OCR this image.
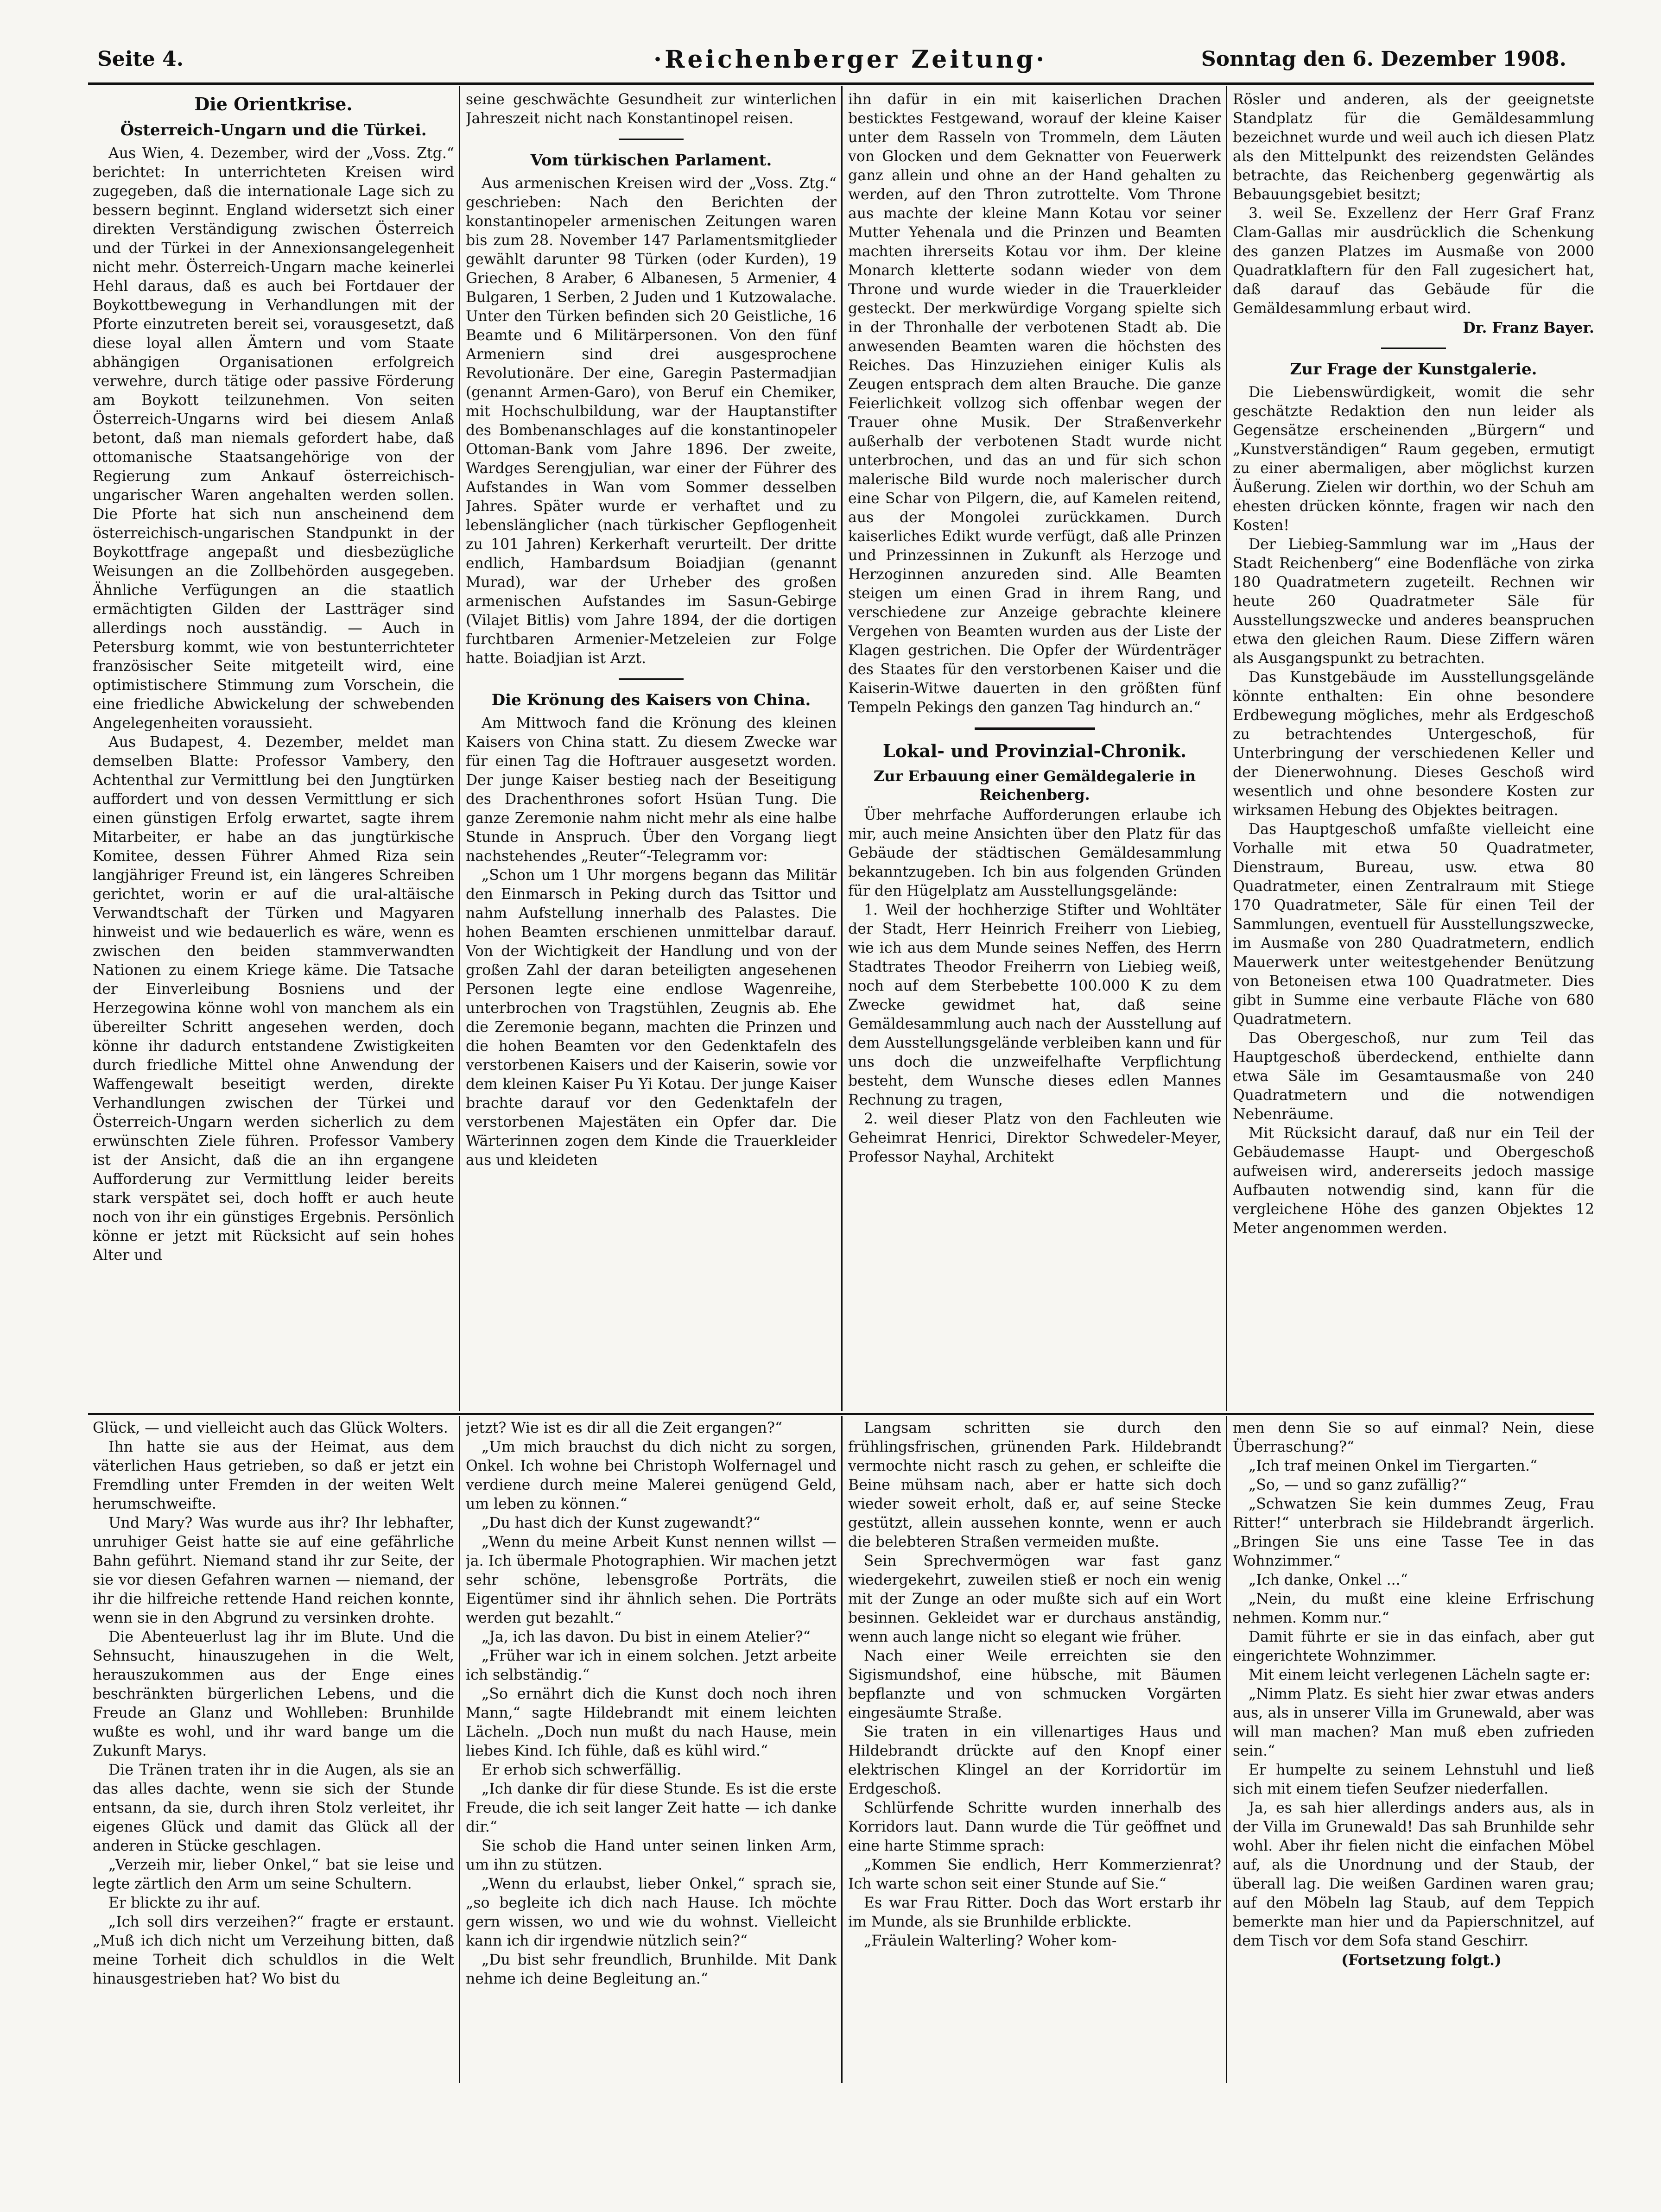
Seite 4.	·Reichenberger Zeitung·	Sonntag den 6. Dezember 1908.
Die Orientkrise.
Österreich-Ungarn und die Türkei.

Aus Wien, 4. Dezember, wird der „Voss. Ztg.“ berichtet: In unterrichteten Kreisen wird zugegeben, daß die internationale Lage sich zu bessern beginnt. England widersetzt sich einer direkten Verständigung zwischen Österreich und der Türkei in der Annexionsangelegenheit nicht mehr. Österreich-Ungarn mache keinerlei Hehl daraus, daß es auch bei Fortdauer der Boykottbewegung in Verhandlungen mit der Pforte einzutreten bereit sei, vorausgesetzt, daß diese loyal allen Ämtern und vom Staate abhängigen Organisationen erfolgreich verwehre, durch tätige oder passive Förderung am Boykott teilzunehmen. Von seiten Österreich-Ungarns wird bei diesem Anlaß betont, daß man niemals gefordert habe, daß ottomanische Staatsangehörige von der Regierung zum Ankauf österreichisch-ungarischer Waren angehalten werden sollen. Die Pforte hat sich nun anscheinend dem österreichisch-ungarischen Standpunkt in der Boykottfrage angepaßt und diesbezügliche Weisungen an die Zollbehörden ausgegeben. Ähnliche Verfügungen an die staatlich ermächtigten Gilden der Lastträger sind allerdings noch ausständig. — Auch in Petersburg kommt, wie von bestunterrichteter französischer Seite mitgeteilt wird, eine optimistischere Stimmung zum Vorschein, die eine friedliche Abwickelung der schwebenden Angelegenheiten voraussieht.

Aus Budapest, 4. Dezember, meldet man demselben Blatte: Professor Vambery, den Achtenthal zur Vermittlung bei den Jungtürken auffordert und von dessen Vermittlung er sich einen günstigen Erfolg erwartet, sagte ihrem Mitarbeiter, er habe an das jungtürkische Komitee, dessen Führer Ahmed Riza sein langjähriger Freund ist, ein längeres Schreiben gerichtet, worin er auf die ural-altäische Verwandtschaft der Türken und Magyaren hinweist und wie bedauerlich es wäre, wenn es zwischen den beiden stammverwandten Nationen zu einem Kriege käme. Die Tatsache der Einverleibung Bosniens und der Herzegowina könne wohl von manchem als ein übereilter Schritt angesehen werden, doch könne ihr dadurch entstandene Zwistigkeiten durch friedliche Mittel ohne Anwendung der Waffengewalt beseitigt werden, direkte Verhandlungen zwischen der Türkei und Österreich-Ungarn werden sicherlich zu dem erwünschten Ziele führen. Professor Vambery ist der Ansicht, daß die an ihn ergangene Aufforderung zur Vermittlung leider bereits stark verspätet sei, doch hofft er auch heute noch von ihr ein günstiges Ergebnis. Persönlich könne er jetzt mit Rücksicht auf sein hohes Alter und

seine geschwächte Gesundheit zur winterlichen Jahreszeit nicht nach Konstantinopel reisen.

Vom türkischen Parlament.

Aus armenischen Kreisen wird der „Voss. Ztg.“ geschrieben: Nach den Berichten der konstantinopeler armenischen Zeitungen waren bis zum 28. November 147 Parlamentsmitglieder gewählt darunter 98 Türken (oder Kurden), 19 Griechen, 8 Araber, 6 Albanesen, 5 Armenier, 4 Bulgaren, 1 Serben, 2 Juden und 1 Kutzowalache. Unter den Türken befinden sich 20 Geistliche, 16 Beamte und 6 Militärpersonen. Von den fünf Armeniern sind drei ausgesprochene Revolutionäre. Der eine, Garegin Pastermadjian (genannt Armen-Garo), von Beruf ein Chemiker, mit Hochschulbildung, war der Hauptanstifter des Bombenanschlages auf die konstantinopeler Ottoman-Bank vom Jahre 1896. Der zweite, Wardges Serengjulian, war einer der Führer des Aufstandes in Wan vom Sommer desselben Jahres. Später wurde er verhaftet und zu lebenslänglicher (nach türkischer Gepflogenheit zu 101 Jahren) Kerkerhaft verurteilt. Der dritte endlich, Hambardsum Boiadjian (genannt Murad), war der Urheber des großen armenischen Aufstandes im Sasun-Gebirge (Vilajet Bitlis) vom Jahre 1894, der die dortigen furchtbaren Armenier-Metzeleien zur Folge hatte. Boiadjian ist Arzt.

Die Krönung des Kaisers von China.

Am Mittwoch fand die Krönung des kleinen Kaisers von China statt. Zu diesem Zwecke war für einen Tag die Hoftrauer ausgesetzt worden. Der junge Kaiser bestieg nach der Beseitigung des Drachenthrones sofort Hsüan Tung. Die ganze Zeremonie nahm nicht mehr als eine halbe Stunde in Anspruch. Über den Vorgang liegt nachstehendes „Reuter“-Telegramm vor:

„Schon um 1 Uhr morgens begann das Militär den Einmarsch in Peking durch das Tsittor und nahm Aufstellung innerhalb des Palastes. Die hohen Beamten erschienen unmittelbar darauf. Von der Wichtigkeit der Handlung und von der großen Zahl der daran beteiligten angesehenen Personen legte eine endlose Wagenreihe, unterbrochen von Tragstühlen, Zeugnis ab. Ehe die Zeremonie begann, machten die Prinzen und die hohen Beamten vor den Gedenktafeln des verstorbenen Kaisers und der Kaiserin, sowie vor dem kleinen Kaiser Pu Yi Kotau. Der junge Kaiser brachte darauf vor den Gedenktafeln der verstorbenen Majestäten ein Opfer dar. Die Wärterinnen zogen dem Kinde die Trauerkleider aus und kleideten

ihn dafür in ein mit kaiserlichen Drachen besticktes Festgewand, worauf der kleine Kaiser unter dem Rasseln von Trommeln, dem Läuten von Glocken und dem Geknatter von Feuerwerk ganz allein und ohne an der Hand gehalten zu werden, auf den Thron zutrottelte. Vom Throne aus machte der kleine Mann Kotau vor seiner Mutter Yehenala und die Prinzen und Beamten machten ihrerseits Kotau vor ihm. Der kleine Monarch kletterte sodann wieder von dem Throne und wurde wieder in die Trauerkleider gesteckt. Der merkwürdige Vorgang spielte sich in der Thronhalle der verbotenen Stadt ab. Die anwesenden Beamten waren die höchsten des Reiches. Das Hinzuziehen einiger Kulis als Zeugen entsprach dem alten Brauche. Die ganze Feierlichkeit vollzog sich offenbar wegen der Trauer ohne Musik. Der Straßenverkehr außerhalb der verbotenen Stadt wurde nicht unterbrochen, und das an und für sich schon malerische Bild wurde noch malerischer durch eine Schar von Pilgern, die, auf Kamelen reitend, aus der Mongolei zurückkamen. Durch kaiserliches Edikt wurde verfügt, daß alle Prinzen und Prinzessinnen in Zukunft als Herzoge und Herzoginnen anzureden sind. Alle Beamten steigen um einen Grad in ihrem Rang, und verschiedene zur Anzeige gebrachte kleinere Vergehen von Beamten wurden aus der Liste der Klagen gestrichen. Die Opfer der Würdenträger des Staates für den verstorbenen Kaiser und die Kaiserin-Witwe dauerten in den größten fünf Tempeln Pekings den ganzen Tag hindurch an.“

Lokal- und Provinzial-Chronik.
Zur Erbauung einer Gemäldegalerie in Reichenberg.

Über mehrfache Aufforderungen erlaube ich mir, auch meine Ansichten über den Platz für das Gebäude der städtischen Gemäldesammlung bekanntzugeben. Ich bin aus folgenden Gründen für den Hügelplatz am Ausstellungsgelände:

1. Weil der hochherzige Stifter und Wohltäter der Stadt, Herr Heinrich Freiherr von Liebieg, wie ich aus dem Munde seines Neffen, des Herrn Stadtrates Theodor Freiherrn von Liebieg weiß, noch auf dem Sterbebette 100.000 K zu dem Zwecke gewidmet hat, daß seine Gemäldesammlung auch nach der Ausstellung auf dem Ausstellungsgelände verbleiben kann und für uns doch die unzweifelhafte Verpflichtung besteht, dem Wunsche dieses edlen Mannes Rechnung zu tragen,

2. weil dieser Platz von den Fachleuten wie Geheimrat Henrici, Direktor Schwedeler-Meyer, Professor Nayhal, Architekt

Rösler und anderen, als der geeignetste Standplatz für die Gemäldesammlung bezeichnet wurde und weil auch ich diesen Platz als den Mittelpunkt des reizendsten Geländes betrachte, das Reichenberg gegenwärtig als Bebauungsgebiet besitzt;

3. weil Se. Exzellenz der Herr Graf Franz Clam-Gallas mir ausdrücklich die Schenkung des ganzen Platzes im Ausmaße von 2000 Quadratklaftern für den Fall zugesichert hat, daß darauf das Gebäude für die Gemäldesammlung erbaut wird.

Dr. Franz Bayer.

Zur Frage der Kunstgalerie.

Die Liebenswürdigkeit, womit die sehr geschätzte Redaktion den nun leider als Gegensätze erscheinenden „Bürgern“ und „Kunstverständigen“ Raum gegeben, ermutigt zu einer abermaligen, aber möglichst kurzen Äußerung. Zielen wir dorthin, wo der Schuh am ehesten drücken könnte, fragen wir nach den Kosten!

Der Liebieg-Sammlung war im „Haus der Stadt Reichenberg“ eine Bodenfläche von zirka 180 Quadratmetern zugeteilt. Rechnen wir heute 260 Quadratmeter Säle für Ausstellungszwecke und anderes beanspruchen etwa den gleichen Raum. Diese Ziffern wären als Ausgangspunkt zu betrachten.

Das Kunstgebäude im Ausstellungsgelände könnte enthalten: Ein ohne besondere Erdbewegung mögliches, mehr als Erdgeschoß zu betrachtendes Untergeschoß, für Unterbringung der verschiedenen Keller und der Dienerwohnung. Dieses Geschoß wird wesentlich und ohne besondere Kosten zur wirksamen Hebung des Objektes beitragen.

Das Hauptgeschoß umfaßte vielleicht eine Vorhalle mit etwa 50 Quadratmeter, Dienstraum, Bureau, usw. etwa 80 Quadratmeter, einen Zentralraum mit Stiege 170 Quadratmeter, Säle für einen Teil der Sammlungen, eventuell für Ausstellungszwecke, im Ausmaße von 280 Quadratmetern, endlich Mauerwerk unter weitestgehender Benützung von Betoneisen etwa 100 Quadratmeter. Dies gibt in Summe eine verbaute Fläche von 680 Quadratmetern.

Das Obergeschoß, nur zum Teil das Hauptgeschoß überdeckend, enthielte dann etwa Säle im Gesamtausmaße von 240 Quadratmetern und die notwendigen Nebenräume.

Mit Rücksicht darauf, daß nur ein Teil der Gebäudemasse Haupt- und Obergeschoß aufweisen wird, andererseits jedoch massige Aufbauten notwendig sind, kann für die vergleichene Höhe des ganzen Objektes 12 Meter angenommen werden.

Glück, — und vielleicht auch das Glück Wolters.

Ihn hatte sie aus der Heimat, aus dem väterlichen Haus getrieben, so daß er jetzt ein Fremdling unter Fremden in der weiten Welt herumschweifte.

Und Mary? Was wurde aus ihr? Ihr lebhafter, unruhiger Geist hatte sie auf eine gefährliche Bahn geführt. Niemand stand ihr zur Seite, der sie vor diesen Gefahren warnen — niemand, der ihr die hilfreiche rettende Hand reichen konnte, wenn sie in den Abgrund zu versinken drohte.

Die Abenteuerlust lag ihr im Blute. Und die Sehnsucht, hinauszugehen in die Welt, herauszukommen aus der Enge eines beschränkten bürgerlichen Lebens, und die Freude an Glanz und Wohlleben: Brunhilde wußte es wohl, und ihr ward bange um die Zukunft Marys.

Die Tränen traten ihr in die Augen, als sie an das alles dachte, wenn sie sich der Stunde entsann, da sie, durch ihren Stolz verleitet, ihr eigenes Glück und damit das Glück all der anderen in Stücke geschlagen.

„Verzeih mir, lieber Onkel,“ bat sie leise und legte zärtlich den Arm um seine Schultern.

Er blickte zu ihr auf.

„Ich soll dirs verzeihen?“ fragte er erstaunt. „Muß ich dich nicht um Verzeihung bitten, daß meine Torheit dich schuldlos in die Welt hinausgestrieben hat? Wo bist du

jetzt? Wie ist es dir all die Zeit ergangen?“

„Um mich brauchst du dich nicht zu sorgen, Onkel. Ich wohne bei Christoph Wolfernagel und verdiene durch meine Malerei genügend Geld, um leben zu können.“

„Du hast dich der Kunst zugewandt?“

„Wenn du meine Arbeit Kunst nennen willst — ja. Ich übermale Photographien. Wir machen jetzt sehr schöne, lebensgroße Porträts, die Eigentümer sind ihr ähnlich sehen. Die Porträts werden gut bezahlt.“

„Ja, ich las davon. Du bist in einem Atelier?“

„Früher war ich in einem solchen. Jetzt arbeite ich selbständig.“

„So ernährt dich die Kunst doch noch ihren Mann,“ sagte Hildebrandt mit einem leichten Lächeln. „Doch nun mußt du nach Hause, mein liebes Kind. Ich fühle, daß es kühl wird.“

Er erhob sich schwerfällig.

„Ich danke dir für diese Stunde. Es ist die erste Freude, die ich seit langer Zeit hatte — ich danke dir.“

Sie schob die Hand unter seinen linken Arm, um ihn zu stützen.

„Wenn du erlaubst, lieber Onkel,“ sprach sie, „so begleite ich dich nach Hause. Ich möchte gern wissen, wo und wie du wohnst. Vielleicht kann ich dir irgendwie nützlich sein?“

„Du bist sehr freundlich, Brunhilde. Mit Dank nehme ich deine Begleitung an.“

Langsam schritten sie durch den frühlingsfrischen, grünenden Park. Hildebrandt vermochte nicht rasch zu gehen, er schleifte die Beine mühsam nach, aber er hatte sich doch wieder soweit erholt, daß er, auf seine Stecke gestützt, allein aussehen konnte, wenn er auch die belebteren Straßen vermeiden mußte.

Sein Sprechvermögen war fast ganz wiedergekehrt, zuweilen stieß er noch ein wenig mit der Zunge an oder mußte sich auf ein Wort besinnen. Gekleidet war er durchaus anständig, wenn auch lange nicht so elegant wie früher.

Nach einer Weile erreichten sie den Sigismundshof, eine hübsche, mit Bäumen bepflanzte und von schmucken Vorgärten eingesäumte Straße.

Sie traten in ein villenartiges Haus und Hildebrandt drückte auf den Knopf einer elektrischen Klingel an der Korridortür im Erdgeschoß.

Schlürfende Schritte wurden innerhalb des Korridors laut. Dann wurde die Tür geöffnet und eine harte Stimme sprach:

„Kommen Sie endlich, Herr Kommerzienrat? Ich warte schon seit einer Stunde auf Sie.“

Es war Frau Ritter. Doch das Wort erstarb ihr im Munde, als sie Brunhilde erblickte.

„Fräulein Walterling? Woher kom-

men denn Sie so auf einmal? Nein, diese Überraschung?“

„Ich traf meinen Onkel im Tiergarten.“

„So, — und so ganz zufällig?“

„Schwatzen Sie kein dummes Zeug, Frau Ritter!“ unterbrach sie Hildebrandt ärgerlich. „Bringen Sie uns eine Tasse Tee in das Wohnzimmer.“

„Ich danke, Onkel ...“

„Nein, du mußt eine kleine Erfrischung nehmen. Komm nur.“

Damit führte er sie in das einfach, aber gut eingerichtete Wohnzimmer.

Mit einem leicht verlegenen Lächeln sagte er:

„Nimm Platz. Es sieht hier zwar etwas anders aus, als in unserer Villa im Grunewald, aber was will man machen? Man muß eben zufrieden sein.“

Er humpelte zu seinem Lehnstuhl und ließ sich mit einem tiefen Seufzer niederfallen.

Ja, es sah hier allerdings anders aus, als in der Villa im Grunewald! Das sah Brunhilde sehr wohl. Aber ihr fielen nicht die einfachen Möbel auf, als die Unordnung und der Staub, der überall lag. Die weißen Gardinen waren grau; auf den Möbeln lag Staub, auf dem Teppich bemerkte man hier und da Papierschnitzel, auf dem Tisch vor dem Sofa stand Geschirr.

(Fortsetzung folgt.)
